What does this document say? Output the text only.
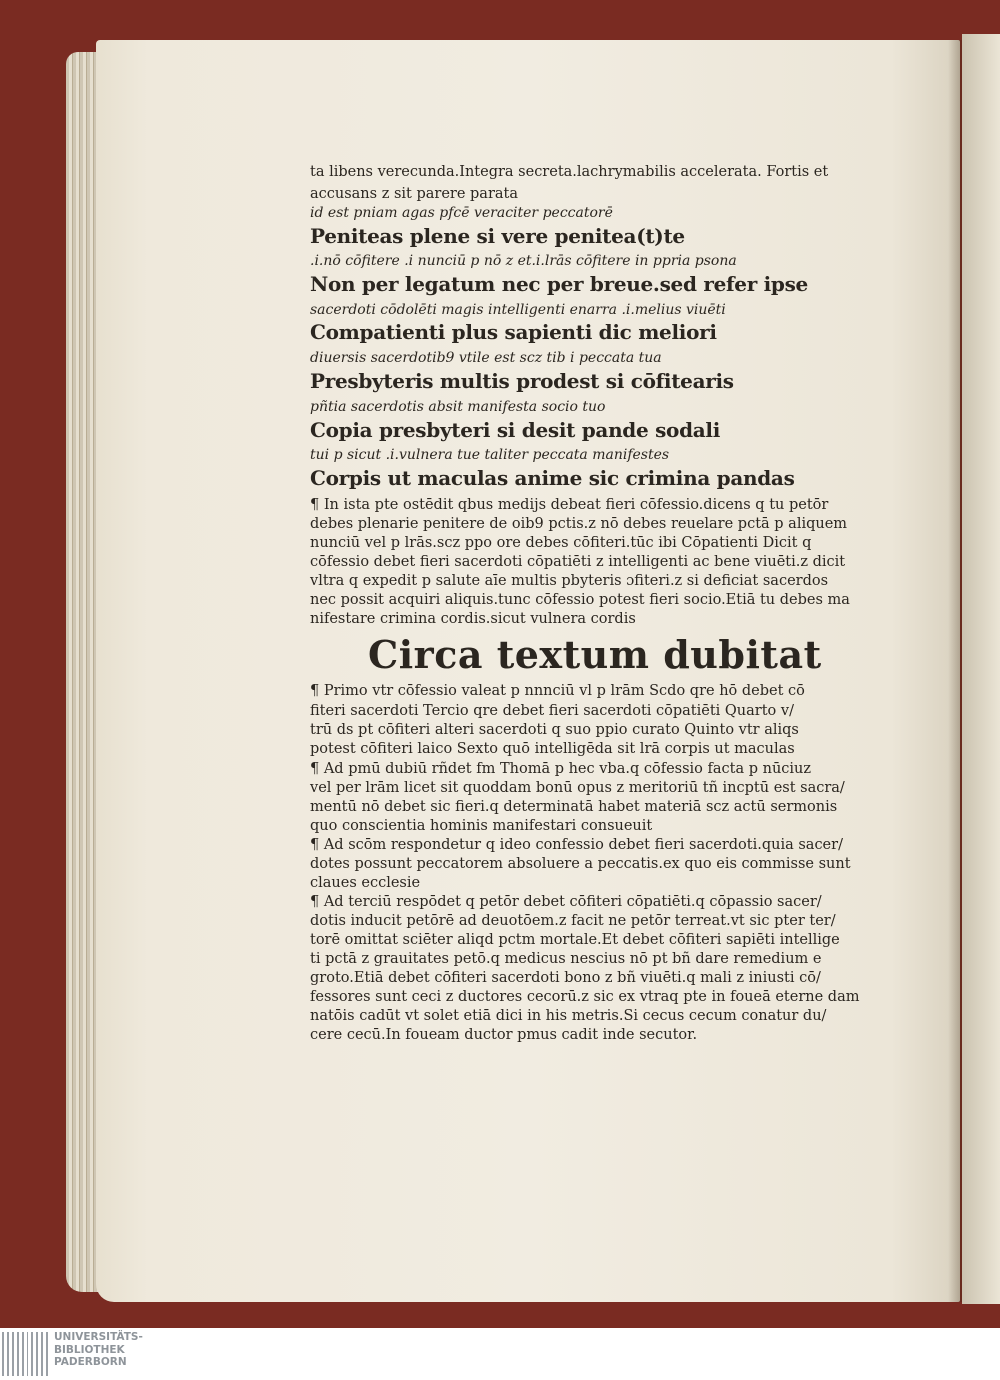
ta libens verecunda.Integra secreta.lachrymabilis accelerata. Fortis et
accusans z sit parere parata
id est pniam agas pfcē veraciter peccatorē
Peniteas plene si vere penitea(t)te
.i.nō cōfitere .i nunciū p nō z et.i.lrās cōfitere in ppria psona
Non per legatum nec per breue.sed refer ipse
sacerdoti cōdolēti magis intelligenti enarra .i.melius viuēti
Compatienti plus sapienti dic meliori
diuersis sacerdotib9 vtile est scz tib i peccata tua
Presbyteris multis prodest si cōfitearis
pñtia sacerdotis absit manifesta socio tuo
Copia presbyteri si desit pande sodali
tui p sicut .i.vulnera tue taliter peccata manifestes
Corpis ut maculas anime sic crimina pandas
¶ In ista pte ostēdit qbus medijs debeat fieri cōfessio.dicens q tu petōr
debes plenarie penitere de oib9 pctis.z nō debes reuelare pctā p aliquem
nunciū vel p lrās.scz ppo ore debes cōfiteri.tūc ibi Cōpatienti Dicit q
cōfessio debet fieri sacerdoti cōpatiēti z intelligenti ac bene viuēti.z dicit
vltra q expedit p salute aīe multis pbyteris ɔfiteri.z si deficiat sacerdos
nec possit acquiri aliquis.tunc cōfessio potest fieri socio.Etiā tu debes ma
nifestare crimina cordis.sicut vulnera cordis
¶ Primo vtr cōfessio valeat p nnnciū vl p lrām Scdo qre hō debet cō
fiteri sacerdoti Tercio qre debet fieri sacerdoti cōpatiēti Quarto v/
trū ds pt cōfiteri alteri sacerdoti q suo ppio curato Quinto vtr aliqs
potest cōfiteri laico Sexto quō intelligēda sit lrā corpis ut maculas
¶ Ad pmū dubiū rñdet fm Thomā p hec vba.q cōfessio facta p nūciuz
vel per lrām licet sit quoddam bonū opus z meritoriū tñ incptū est sacra/
mentū nō debet sic fieri.q determinatā habet materiā scz actū sermonis
quo conscientia hominis manifestari consueuit
¶ Ad scōm respondetur q ideo confessio debet fieri sacerdoti.quia sacer/
dotes possunt peccatorem absoluere a peccatis.ex quo eis commisse sunt
claues ecclesie
¶ Ad terciū respōdet q petōr debet cōfiteri cōpatiēti.q cōpassio sacer/
dotis inducit petōrē ad deuotōem.z facit ne petōr terreat.vt sic pter ter/
torē omittat sciēter aliqd pctm mortale.Et debet cōfiteri sapiēti intellige
ti pctā z grauitates petō.q medicus nescius nō pt bñ dare remedium e
groto.Etiā debet cōfiteri sacerdoti bono z bñ viuēti.q mali z iniusti cō/
fessores sunt ceci z ductores cecorū.z sic ex vtraq pte in foueā eterne dam
natōis cadūt vt solet etiā dici in his metris.Si cecus cecum conatur du/
cere cecū.In foueam ductor pmus cadit inde secutor.
Circa textum dubitat
UNIVERSITÄTS-
BIBLIOTHEK
PADERBORN
